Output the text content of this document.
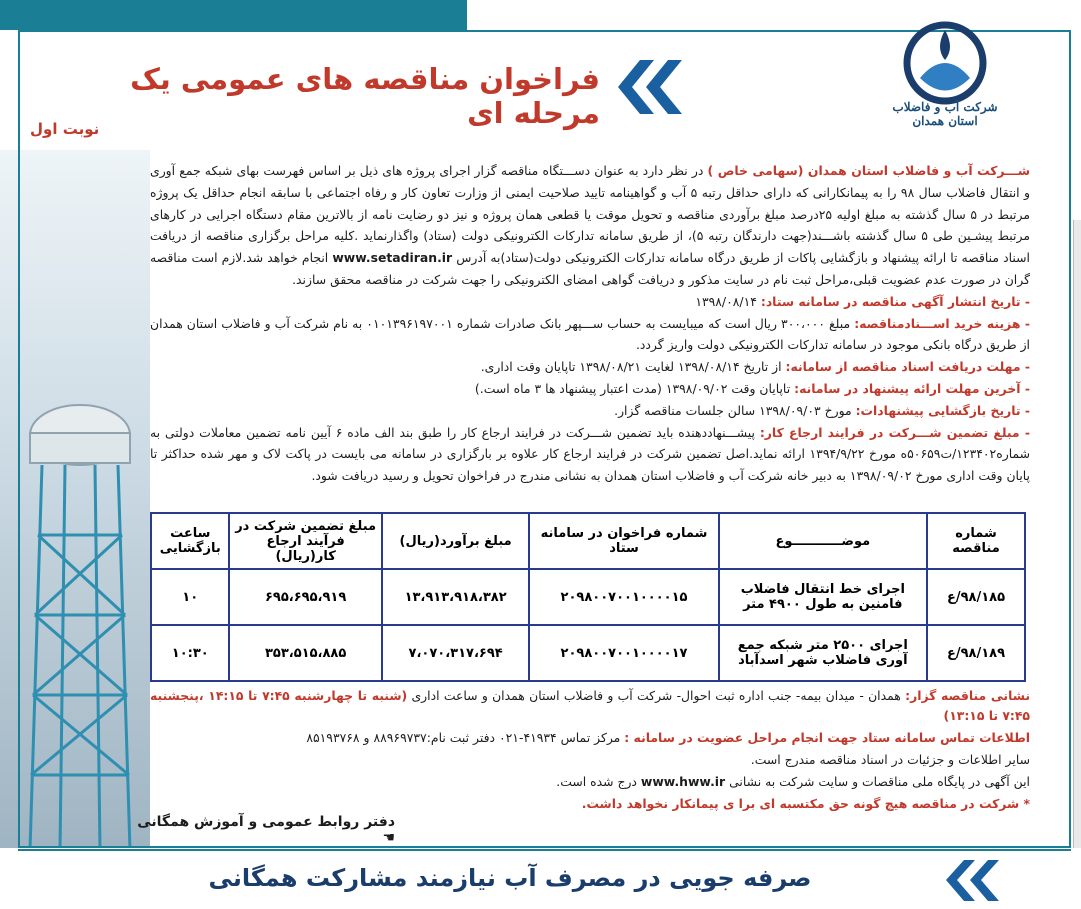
شرکت آب و فاضلاب استان همدان
فراخوان مناقصه های عمومی یک مرحله ای
نوبت اول

شـــرکت آب و فاضلاب استان همدان (سهامی خاص ) در نظر دارد به عنوان دســـتگاه مناقصه گزار اجرای پروژه های ذیل بر اساس فهرست بهای شبکه جمع آوری و انتقال فاضلاب سال ۹۸ را به پیمانکارانی که دارای حداقل رتبه ۵ آب و گواهینامه تایید صلاحیت ایمنی از وزارت تعاون کار و رفاه اجتماعی با سابقه انجام حداقل یک پروژه مرتبط در ۵ سال گذشته به مبلغ اولیه ۲۵درصد مبلغ برآوردی مناقصه و تحویل موقت یا قطعی همان پروژه و نیز دو رضایت نامه از بالاترین مقام دستگاه اجرایی در کارهای مرتبط پیشـین طی ۵ سال گذشته باشـــند(جهت دارندگان رتبه ۵)، از طریق سامانه تدارکات الکترونیکی دولت (ستاد) واگذارنماید .کلیه مراحل برگزاری مناقصه از دریافت اسناد مناقصه تا ارائه پیشنهاد و بازگشایی پاکات از طریق درگاه سامانه تدارکات الکترونیکی دولت(ستاد)به آدرس www.setadiran.ir انجام خواهد شد.لازم است مناقصه گران در صورت عدم عضویت قبلی،مراحل ثبت نام در سایت مذکور و دریافت گواهی امضای الکترونیکی را جهت شرکت در مناقصه محقق سازند.

- تاریخ انتشار آگهی مناقصه در سامانه ستاد: ۱۳۹۸/۰۸/۱۴

- هزینه خرید اســـنادمناقصه: مبلغ ۳۰۰،۰۰۰ ریال است که میبایست به حساب ســـپهر بانک صادرات شماره ۰۱۰۱۳۹۶۱۹۷۰۰۱ به نام شرکت آب و فاضلاب استان همدان از طریق درگاه بانکی موجود در سامانه تدارکات الکترونیکی دولت واریز گردد.

- مهلت دریافت اسناد مناقصه از سامانه: از تاریخ ۱۳۹۸/۰۸/۱۴ لغایت ۱۳۹۸/۰۸/۲۱ تاپایان وقت اداری.

- آخرین مهلت ارائه پیشنهاد در سامانه: تاپایان وقت ۱۳۹۸/۰۹/۰۲ (مدت اعتبار پیشنهاد ها ۳ ماه است.)

- تاریخ بازگشایی پیشنهادات: مورخ ۱۳۹۸/۰۹/۰۳ سالن جلسات مناقصه گزار.

- مبلغ تضمین شـــرکت در فرایند ارجاع کار: پیشـــنهاددهنده باید تضمین شـــرکت در فرایند ارجاع کار را طبق بند الف ماده ۶ آیین نامه تضمین معاملات دولتی به شماره۱۲۳۴۰۲/ت۵۰۶۵۹ه مورخ ۱۳۹۴/۹/۲۲ ارائه نماید.اصل تضمین شرکت در فرایند ارجاع کار علاوه بر بارگزاری در سامانه می بایست در پاکت لاک و مهر شده حداکثر تا پایان وقت اداری مورخ ۱۳۹۸/۰۹/۰۲ به دبیر خانه شرکت آب و فاضلاب استان همدان به نشانی مندرج در فراخوان تحویل و رسید دریافت شود.

شماره مناقصه	موضـــــــــــوع	شماره فراخوان در سامانه ستاد	مبلغ برآورد(ریال)	مبلغ تضمین شرکت در فرآیند ارجاع کار(ریال)	ساعت بازگشایی
۹۸/۱۸۵/ع	اجرای خط انتقال فاضلاب فامنین به طول ۴۹۰۰ متر	۲۰۹۸۰۰۷۰۰۱۰۰۰۰۱۵	۱۳،۹۱۳،۹۱۸،۳۸۲	۶۹۵،۶۹۵،۹۱۹	۱۰
۹۸/۱۸۹/ع	اجرای ۲۵۰۰ متر شبکه جمع آوری فاضلاب شهر اسدآباد	۲۰۹۸۰۰۷۰۰۱۰۰۰۰۱۷	۷،۰۷۰،۳۱۷،۶۹۴	۳۵۳،۵۱۵،۸۸۵	۱۰:۳۰

نشانی مناقصه گزار: همدان - میدان بیمه- جنب اداره ثبت احوال- شرکت آب و فاضلاب استان همدان و ساعت اداری (شنبه تا چهارشنبه ۷:۴۵ تا ۱۴:۱۵ ،پنجشنبه ۷:۴۵ تا ۱۳:۱۵)

اطلاعات تماس سامانه ستاد جهت انجام مراحل عضویت در سامانه : مرکز تماس ۴۱۹۳۴-۰۲۱ دفتر ثبت نام:۸۸۹۶۹۷۳۷ و ۸۵۱۹۳۷۶۸

سایر اطلاعات و جزئیات در اسناد مناقصه مندرج است.

این آگهی در پایگاه ملی مناقصات و سایت شرکت به نشانی www.hww.ir درج شده است.

* شرکت در مناقصه هیچ گونه حق مکتسبه ای برا ی پیمانکار نخواهد داشت.

دفتر روابط عمومی و آموزش همگانی ☚
صرفه جویی در مصرف آب نیازمند مشارکت همگانی
